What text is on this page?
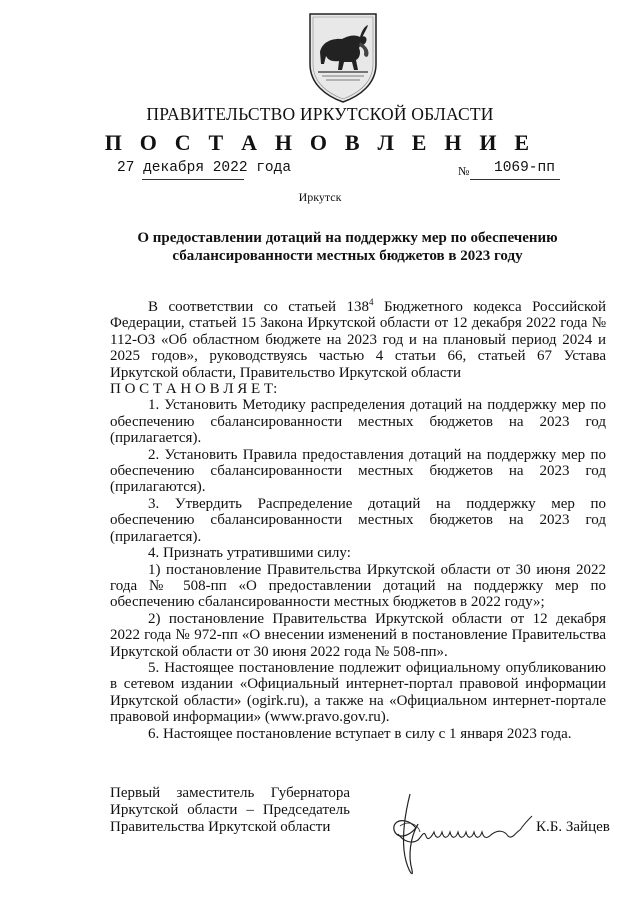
ПРАВИТЕЛЬСТВО ИРКУТСКОЙ ОБЛАСТИ
П О С Т А Н О В Л Е Н И Е
27 декабря 2022 года	№ 1069-пп
Иркутск
О предоставлении дотаций на поддержку мер по обеспечению
сбалансированности местных бюджетов в 2023 году

В соответствии со статьей $138^4$ Бюджетного кодекса Российской Федерации, статьей 15 Закона Иркутской области от 12 декабря 2022 года № 112-ОЗ «Об областном бюджете на 2023 год и на плановый период 2024 и 2025 годов», руководствуясь частью 4 статьи 66, статьей 67 Устава Иркутской области, Правительство Иркутской области

П О С Т А Н О В Л Я Е Т:

1. Установить Методику распределения дотаций на поддержку мер по обеспечению сбалансированности местных бюджетов на 2023 год (прилагается).

2. Установить Правила предоставления дотаций на поддержку мер по обеспечению сбалансированности местных бюджетов на 2023 год (прилагаются).

3. Утвердить Распределение дотаций на поддержку мер по обеспечению сбалансированности местных бюджетов на 2023 год (прилагается).

4. Признать утратившими силу:

1) постановление Правительства Иркутской области от 30 июня 2022 года № 508-пп «О предоставлении дотаций на поддержку мер по обеспечению сбалансированности местных бюджетов в 2022 году»;

2) постановление Правительства Иркутской области от 12 декабря 2022 года № 972-пп «О внесении изменений в постановление Правительства Иркутской области от 30 июня 2022 года № 508-пп».

5. Настоящее постановление подлежит официальному опубликованию в сетевом издании «Официальный интернет-портал правовой информации Иркутской области» (ogirk.ru), а также на «Официальном интернет-портале правовой информации» (www.pravo.gov.ru).

6. Настоящее постановление вступает в силу с 1 января 2023 года.

Первый заместитель Губернатора

Иркутской области – Председатель

Правительства Иркутской области	К.Б. Зайцев
